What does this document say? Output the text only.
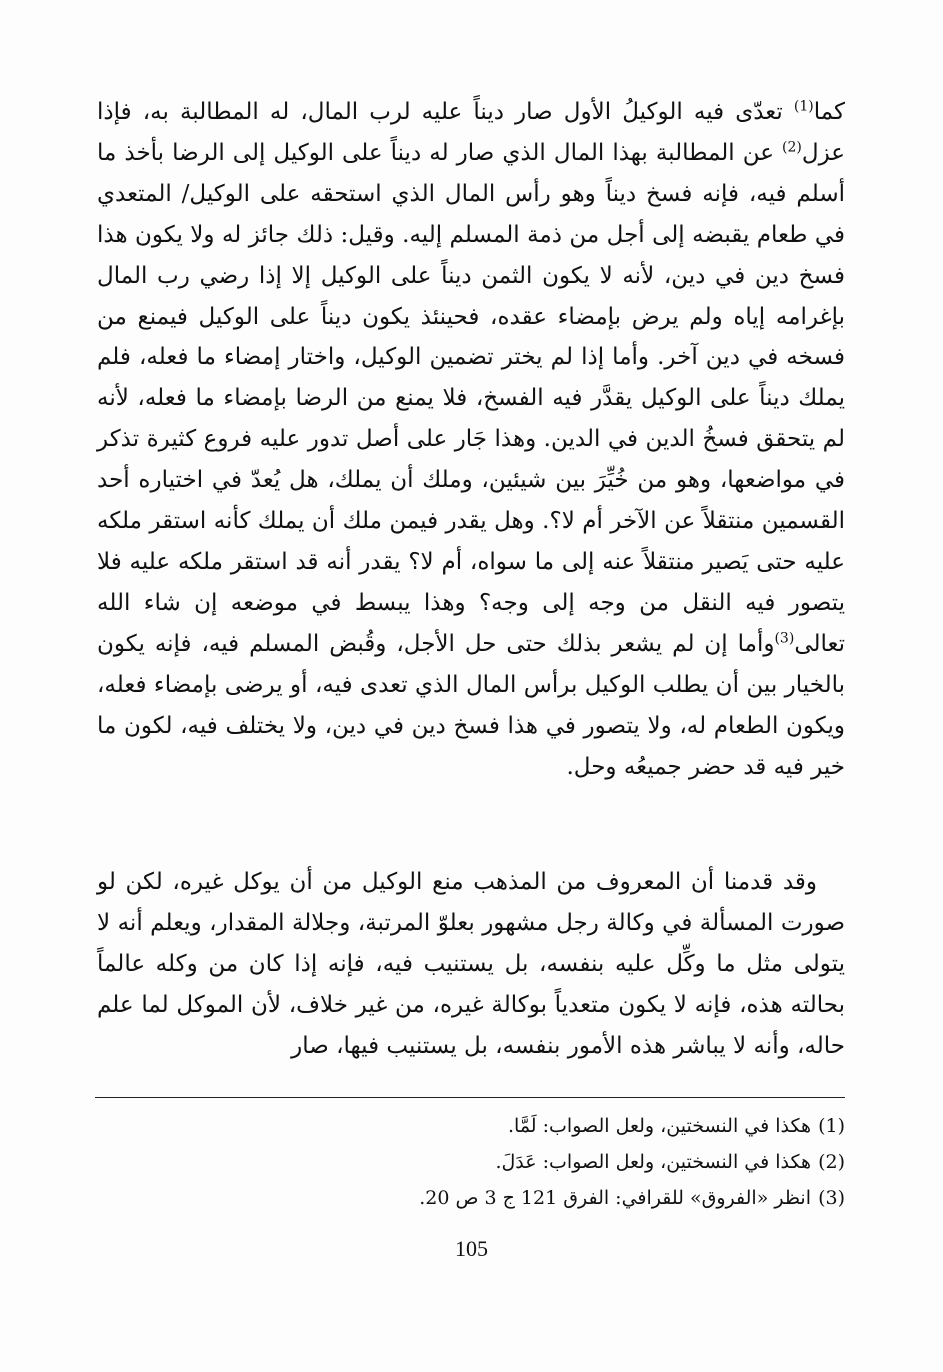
كما$^{(1)}$ تعدّى فيه الوكيلُ الأول صار ديناً عليه لرب المال، له المطالبة به، فإذا عزل$^{(2)}$ عن المطالبة بهذا المال الذي صار له ديناً على الوكيل إلى الرضا بأخذ ما أسلم فيه، فإنه فسخ ديناً وهو رأس المال الذي استحقه على الوكيل/ المتعدي في طعام يقبضه إلى أجل من ذمة المسلم إليه. وقيل: ذلك جائز له ولا يكون هذا فسخ دين في دين، لأنه لا يكون الثمن ديناً على الوكيل إلا إذا رضي رب المال بإغرامه إياه ولم يرض بإمضاء عقده، فحينئذ يكون ديناً على الوكيل فيمنع من فسخه في دين آخر. وأما إذا لم يختر تضمين الوكيل، واختار إمضاء ما فعله، فلم يملك ديناً على الوكيل يقدَّر فيه الفسخ، فلا يمنع من الرضا بإمضاء ما فعله، لأنه لم يتحقق فسخُ الدين في الدين. وهذا جَار على أصل تدور عليه فروع كثيرة تذكر في مواضعها، وهو من خُيِّرَ بين شيئين، وملك أن يملك، هل يُعدّ في اختياره أحد القسمين منتقلاً عن الآخر أم لا؟. وهل يقدر فيمن ملك أن يملك كأنه استقر ملكه عليه حتى يَصير منتقلاً عنه إلى ما سواه، أم لا؟ يقدر أنه قد استقر ملكه عليه فلا يتصور فيه النقل من وجه إلى وجه؟ وهذا يبسط في موضعه إن شاء الله تعالى$^{(3)}$وأما إن لم يشعر بذلك حتى حل الأجل، وقُبض المسلم فيه، فإنه يكون بالخيار بين أن يطلب الوكيل برأس المال الذي تعدى فيه، أو يرضى بإمضاء فعله، ويكون الطعام له، ولا يتصور في هذا فسخ دين في دين، ولا يختلف فيه، لكون ما خير فيه قد حضر جميعُه وحل.

وقد قدمنا أن المعروف من المذهب منع الوكيل من أن يوكل غيره، لكن لو صورت المسألة في وكالة رجل مشهور بعلوّ المرتبة، وجلالة المقدار، ويعلم أنه لا يتولى مثل ما وكِّل عليه بنفسه، بل يستنيب فيه، فإنه إذا كان من وكله عالماً بحالته هذه، فإنه لا يكون متعدياً بوكالة غيره، من غير خلاف، لأن الموكل لما علم حاله، وأنه لا يباشر هذه الأمور بنفسه، بل يستنيب فيها، صار

(1)هكذا في النسختين، ولعل الصواب: لَمَّا.
(2)هكذا في النسختين، ولعل الصواب: عَدَلَ.
(3)انظر «الفروق» للقرافي: الفرق 121 ج 3 ص 20.
105
